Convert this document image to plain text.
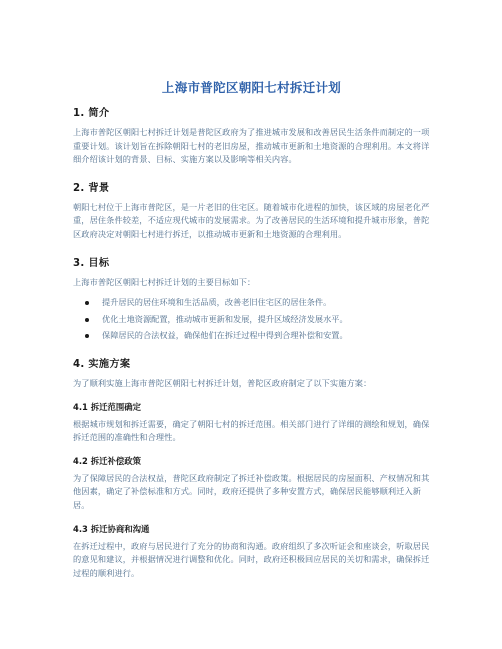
上海市普陀区朝阳七村拆迁计划
1. 简介

上海市普陀区朝阳七村拆迁计划是普陀区政府为了推进城市发展和改善居民生活条件而制定的一项重要计划。该计划旨在拆除朝阳七村的老旧房屋，推动城市更新和土地资源的合理利用。本文将详细介绍该计划的背景、目标、实施方案以及影响等相关内容。

2. 背景

朝阳七村位于上海市普陀区，是一片老旧的住宅区。随着城市化进程的加快，该区域的房屋老化严重，居住条件较差，不适应现代城市的发展需求。为了改善居民的生活环境和提升城市形象，普陀区政府决定对朝阳七村进行拆迁，以推动城市更新和土地资源的合理利用。

3. 目标

上海市普陀区朝阳七村拆迁计划的主要目标如下：

提升居民的居住环境和生活品质，改善老旧住宅区的居住条件。
优化土地资源配置，推动城市更新和发展，提升区域经济发展水平。
保障居民的合法权益，确保他们在拆迁过程中得到合理补偿和安置。
4. 实施方案

为了顺利实施上海市普陀区朝阳七村拆迁计划，普陀区政府制定了以下实施方案：

4.1 拆迁范围确定

根据城市规划和拆迁需要，确定了朝阳七村的拆迁范围。相关部门进行了详细的测绘和规划，确保拆迁范围的准确性和合理性。

4.2 拆迁补偿政策

为了保障居民的合法权益，普陀区政府制定了拆迁补偿政策。根据居民的房屋面积、产权情况和其他因素，确定了补偿标准和方式。同时，政府还提供了多种安置方式，确保居民能够顺利迁入新居。

4.3 拆迁协商和沟通

在拆迁过程中，政府与居民进行了充分的协商和沟通。政府组织了多次听证会和座谈会，听取居民的意见和建议，并根据情况进行调整和优化。同时，政府还积极回应居民的关切和需求，确保拆迁过程的顺利进行。
